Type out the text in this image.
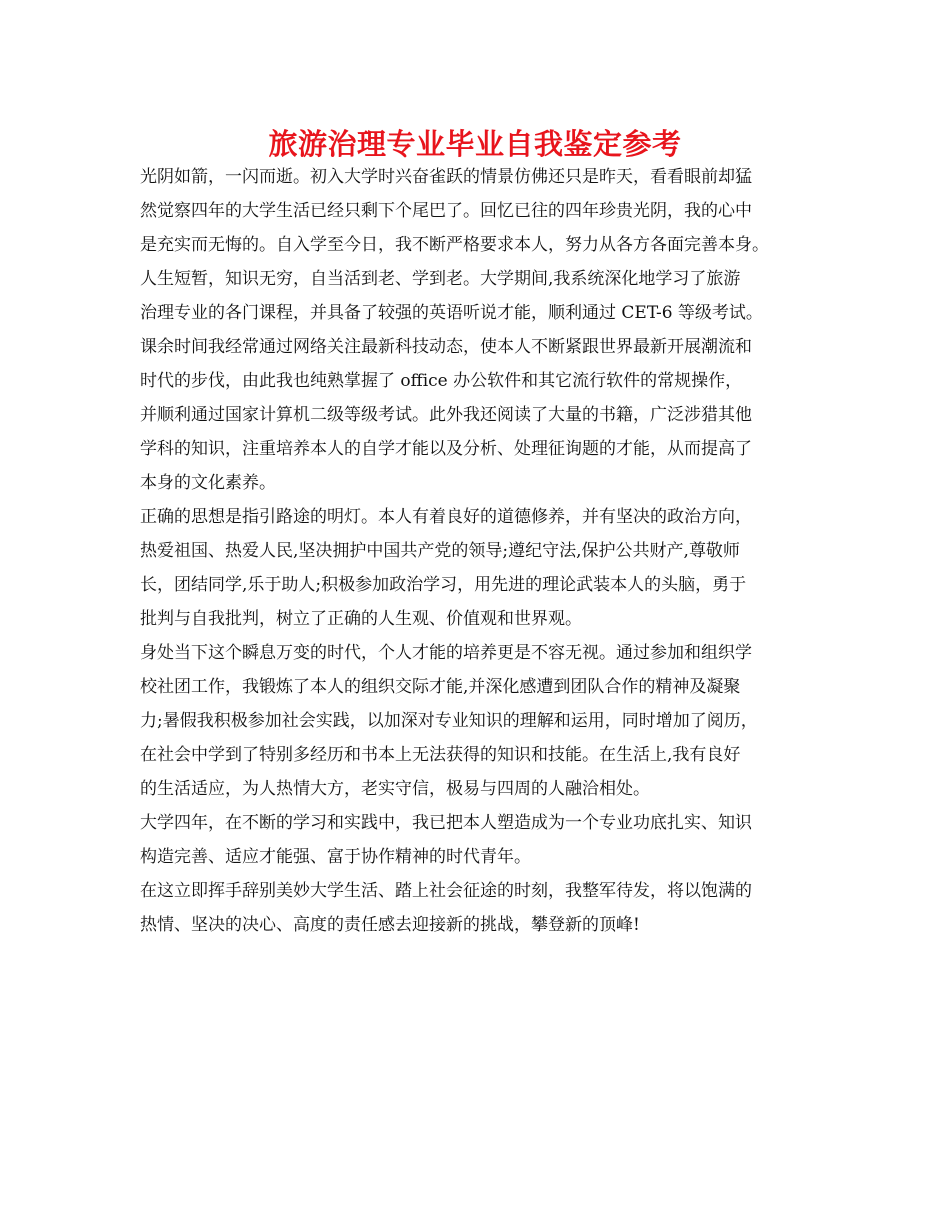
旅游治理专业毕业自我鉴定参考

光阴如箭，一闪而逝。初入大学时兴奋雀跃的情景仿佛还只是昨天，看看眼前却猛
然觉察四年的大学生活已经只剩下个尾巴了。回忆已往的四年珍贵光阴，我的心中
是充实而无悔的。自入学至今日，我不断严格要求本人，努力从各方各面完善本身。
人生短暂，知识无穷，自当活到老、学到老。大学期间,我系统深化地学习了旅游
治理专业的各门课程，并具备了较强的英语听说才能，顺利通过 CET-6 等级考试。
课余时间我经常通过网络关注最新科技动态，使本人不断紧跟世界最新开展潮流和
时代的步伐，由此我也纯熟掌握了 office 办公软件和其它流行软件的常规操作，
并顺利通过国家计算机二级等级考试。此外我还阅读了大量的书籍，广泛涉猎其他
学科的知识，注重培养本人的自学才能以及分析、处理征询题的才能，从而提高了
本身的文化素养。

正确的思想是指引路途的明灯。本人有着良好的道德修养，并有坚决的政治方向，
热爱祖国、热爱人民,坚决拥护中国共产党的领导;遵纪守法,保护公共财产,尊敬师
长，团结同学,乐于助人;积极参加政治学习，用先进的理论武装本人的头脑，勇于
批判与自我批判，树立了正确的人生观、价值观和世界观。

身处当下这个瞬息万变的时代，个人才能的培养更是不容无视。通过参加和组织学
校社团工作，我锻炼了本人的组织交际才能,并深化感遭到团队合作的精神及凝聚
力;暑假我积极参加社会实践，以加深对专业知识的理解和运用，同时增加了阅历，
在社会中学到了特别多经历和书本上无法获得的知识和技能。在生活上,我有良好
的生活适应，为人热情大方，老实守信，极易与四周的人融洽相处。

大学四年，在不断的学习和实践中，我已把本人塑造成为一个专业功底扎实、知识
构造完善、适应才能强、富于协作精神的时代青年。

在这立即挥手辞别美妙大学生活、踏上社会征途的时刻，我整军待发，将以饱满的
热情、坚决的决心、高度的责任感去迎接新的挑战，攀登新的顶峰!
